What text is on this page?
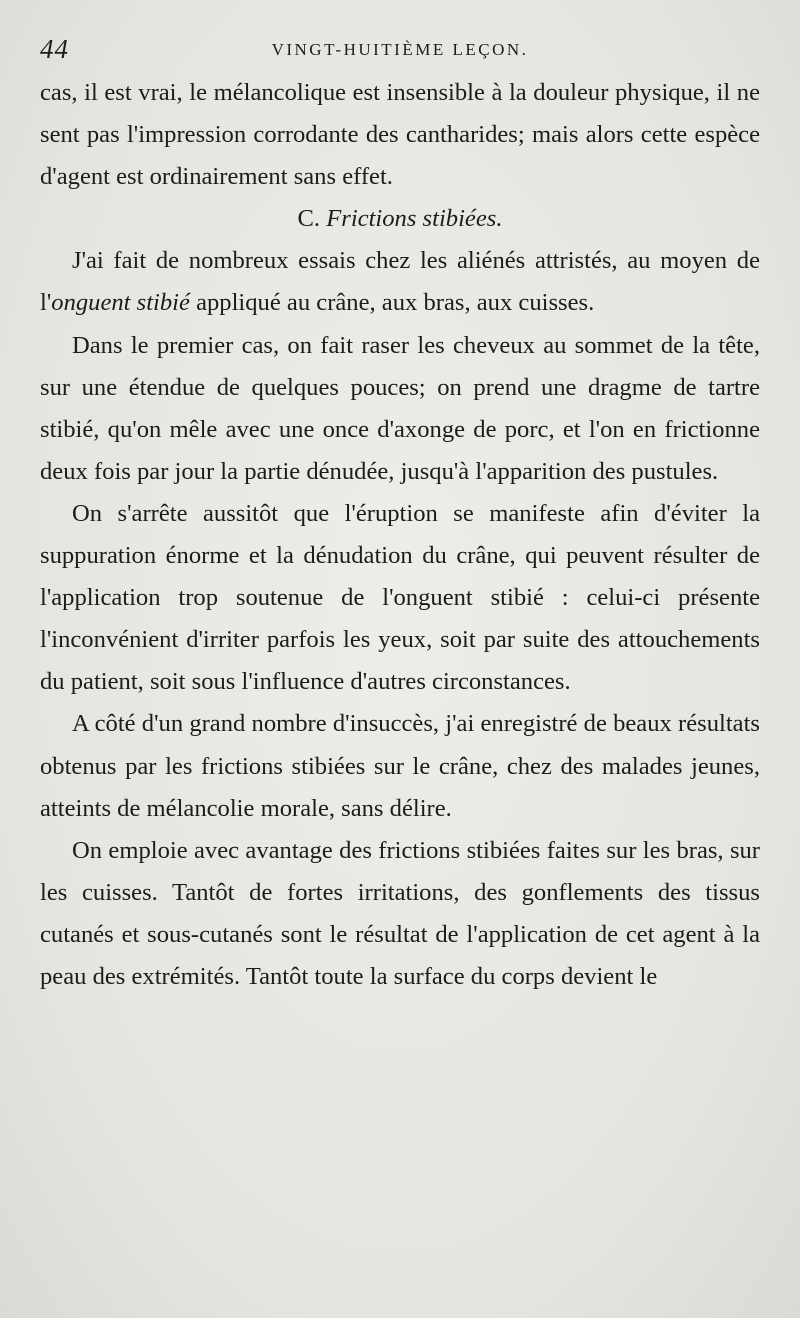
44	VINGT-HUITIÈME LEÇON.

cas, il est vrai, le mélancolique est insensible à la douleur physique, il ne sent pas l'impression corrodante des cantharides; mais alors cette espèce d'agent est ordinairement sans effet.

C. Frictions stibiées.

J'ai fait de nombreux essais chez les aliénés attristés, au moyen de l'onguent stibié appliqué au crâne, aux bras, aux cuisses.

Dans le premier cas, on fait raser les cheveux au sommet de la tête, sur une étendue de quelques pouces; on prend une dragme de tartre stibié, qu'on mêle avec une once d'axonge de porc, et l'on en frictionne deux fois par jour la partie dénudée, jusqu'à l'apparition des pustules.

On s'arrête aussitôt que l'éruption se manifeste afin d'éviter la suppuration énorme et la dénudation du crâne, qui peuvent résulter de l'application trop soutenue de l'onguent stibié : celui-ci présente l'inconvénient d'irriter parfois les yeux, soit par suite des attouchements du patient, soit sous l'influence d'autres circonstances.

A côté d'un grand nombre d'insuccès, j'ai enregistré de beaux résultats obtenus par les frictions stibiées sur le crâne, chez des malades jeunes, atteints de mélancolie morale, sans délire.

On emploie avec avantage des frictions stibiées faites sur les bras, sur les cuisses. Tantôt de fortes irritations, des gonflements des tissus cutanés et sous-cutanés sont le résultat de l'application de cet agent à la peau des extrémités. Tantôt toute la surface du corps devient le
